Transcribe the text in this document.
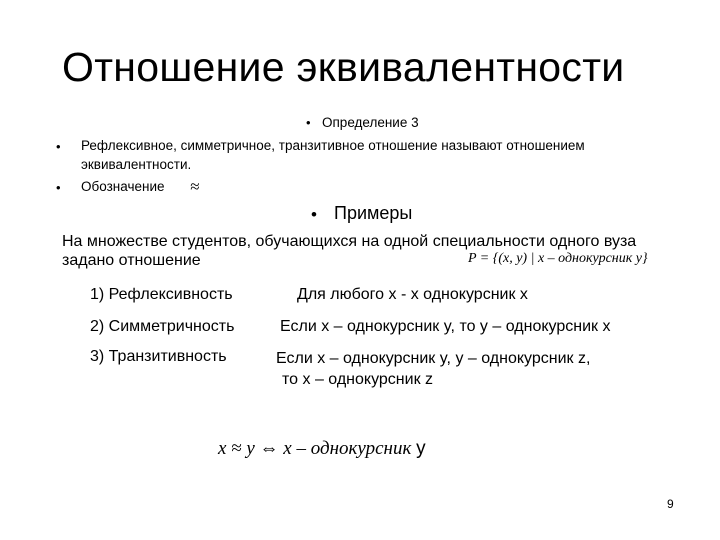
Отношение эквивалентности
• Определение 3
• Рефлексивное, симметричное, транзитивное отношение называют отношением
эквивалентности.
• Обозначение ≈
• Примеры
На множестве студентов, обучающихся на одной специальности одного вуза
задано отношение	P = {(x, y) | x – однокурсник y}
1) Рефлексивность	Для любого x - x однокурсник x
2) Симметричность	Если x – однокурсник y, то y – однокурсник x
3) Транзитивность	Если x – однокурсник y, y – однокурсник z,
то x – однокурсник z
x ≈ y ⇔ x – однокурсник y
9
